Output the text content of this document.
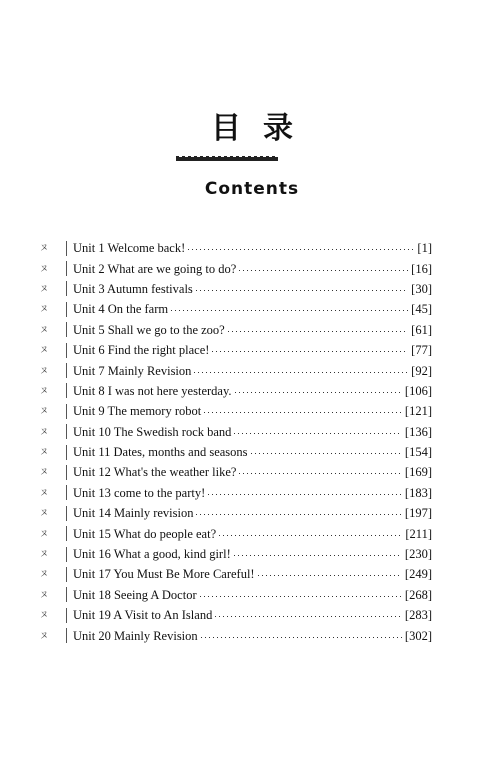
目录
Contents
ヌ	Unit 1 Welcome back!	[1]
ヌ	Unit 2 What are we going to do?	[16]
ヌ	Unit 3 Autumn festivals	[30]
ヌ	Unit 4 On the farm	[45]
ヌ	Unit 5 Shall we go to the zoo?	[61]
ヌ	Unit 6 Find the right place!	[77]
ヌ	Unit 7 Mainly Revision	[92]
ヌ	Unit 8 I was not here yesterday.	[106]
ヌ	Unit 9 The memory robot	[121]
ヌ	Unit 10 The Swedish rock band	[136]
ヌ	Unit 11 Dates, months and seasons	[154]
ヌ	Unit 12 What's the weather like?	[169]
ヌ	Unit 13 come to the party!	[183]
ヌ	Unit 14 Mainly revision	[197]
ヌ	Unit 15 What do people eat?	[211]
ヌ	Unit 16 What a good, kind girl!	[230]
ヌ	Unit 17 You Must Be More Careful!	[249]
ヌ	Unit 18 Seeing A Doctor	[268]
ヌ	Unit 19 A Visit to An Island	[283]
ヌ	Unit 20 Mainly Revision	[302]
